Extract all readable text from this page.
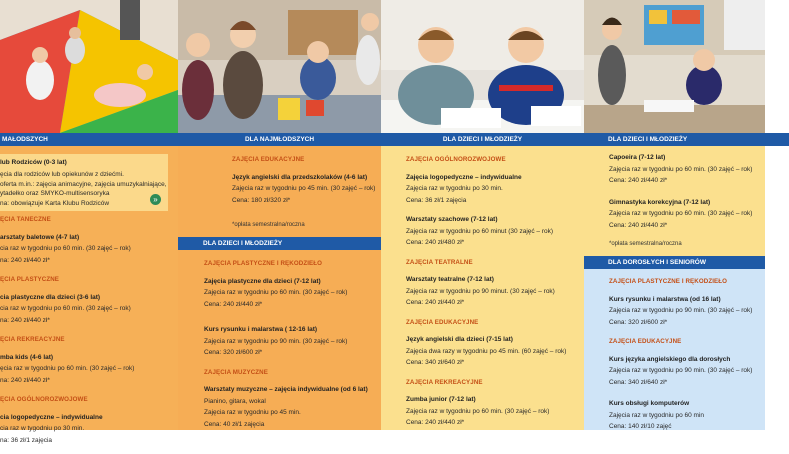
MAŁODSZYCH
lub Rodziców (0-3 lat)
ęcia dla rodziców lub opiekunów z dziećmi.
oferta m.in.: zajęcia animacyjne, zajęcia umuzykalniające,
ytadełko oraz SMYKO-multisensoryka
na: obowiązuje Karta Klubu Rodziców	»
ĘCIA TANECZNE
arsztaty baletowe (4-7 lat)
cia raz w tygodniu po 60 min. (30 zajęć – rok)
na: 240 zł/440 zł*
ĘCIA PLASTYCZNE
cia plastyczne dla dzieci (3-6 lat)
cia raz w tygodniu po 60 min. (30 zajęć – rok)
na: 240 zł/440 zł*
ĘCIA REKREACYJNE
mba kids (4-6 lat)
ęcia raz w tygodniu po 60 min. (30 zajęć – rok)
na: 240 zł/440 zł*
ĘCIA OGÓLNOROZWOJOWE
cia logopedyczne – indywidualne
cia raz w tygodniu po 30 min.
na: 36 zł/1 zajęcia
DLA NAJMŁODSZYCH
ZAJĘCIA EDUKACYJNE
Język angielski dla przedszkolaków (4-6 lat)
Zajęcia raz w tygodniu po 45 min. (30 zajęć – rok)
Cena: 180 zł/320 zł*
*opłata semestralna/roczna
DLA DZIECI I MŁODZIEŻY
ZAJĘCIA PLASTYCZNE I RĘKODZIEŁO
Zajęcia plastyczne dla dzieci (7-12 lat)
Zajęcia raz w tygodniu po 60 min. (30 zajęć – rok)
Cena: 240 zł/440 zł*
Kurs rysunku i malarstwa ( 12-16 lat)
Zajęcia raz w tygodniu po 90 min. (30 zajęć – rok)
Cena: 320 zł/600 zł*
ZAJĘCIA MUZYCZNE
Warsztaty muzyczne – zajęcia indywidualne (od 6 lat)
Pianino, gitara, wokal
Zajęcia raz w tygodniu po 45 min.
Cena: 40 zł/1 zajęcia
DLA DZIECI I MŁODZIEŻY
ZAJĘCIA OGÓLNOROZWOJOWE
Zajęcia logopedyczne – indywidualne
Zajęcia raz w tygodniu po 30 min.
Cena: 36 zł/1 zajęcia
Warsztaty szachowe (7-12 lat)
Zajęcia raz w tygodniu po 60 minut (30 zajęć – rok)
Cena: 240 zł/480 zł*
ZAJĘCIA TEATRALNE
Warsztaty teatralne (7-12 lat)
Zajęcia raz w tygodniu po 90 minut. (30 zajęć – rok)
Cena: 240 zł/440 zł*
ZAJĘCIA EDUKACYJNE
Język angielski dla dzieci (7-15 lat)
Zajęcia dwa razy w tygodniu po 45 min. (60 zajęć – rok)
Cena: 340 zł/640 zł*
ZAJĘCIA REKREACYJNE
Zumba junior (7-12 lat)
Zajęcia raz w tygodniu po 60 min. (30 zajęć – rok)
Cena: 240 zł/440 zł*
DLA DZIECI I MŁODZIEŻY
Capoeira (7-12 lat)
Zajęcia raz w tygodniu po 60 min. (30 zajęć – rok)
Cena: 240 zł/440 zł*
Gimnastyka korekcyjna (7-12 lat)
Zajęcia raz w tygodniu po 60 min. (30 zajęć – rok)
Cena: 240 zł/440 zł*
*opłata semestralna/roczna
DLA DOROSŁYCH I SENIORÓW
ZAJĘCIA PLASTYCZNE I RĘKODZIEŁO
Kurs rysunku i malarstwa (od 16 lat)
Zajęcia raz w tygodniu po 90 min. (30 zajęć – rok)
Cena: 320 zł/600 zł*
ZAJĘCIA EDUKACYJNE
Kurs języka angielskiego dla dorosłych
Zajęcia raz w tygodniu po 90 min. (30 zajęć – rok)
Cena: 340 zł/640 zł*
Kurs obsługi komputerów
Zajęcia raz w tygodniu po 60 min
Cena: 140 zł/10 zajęć
